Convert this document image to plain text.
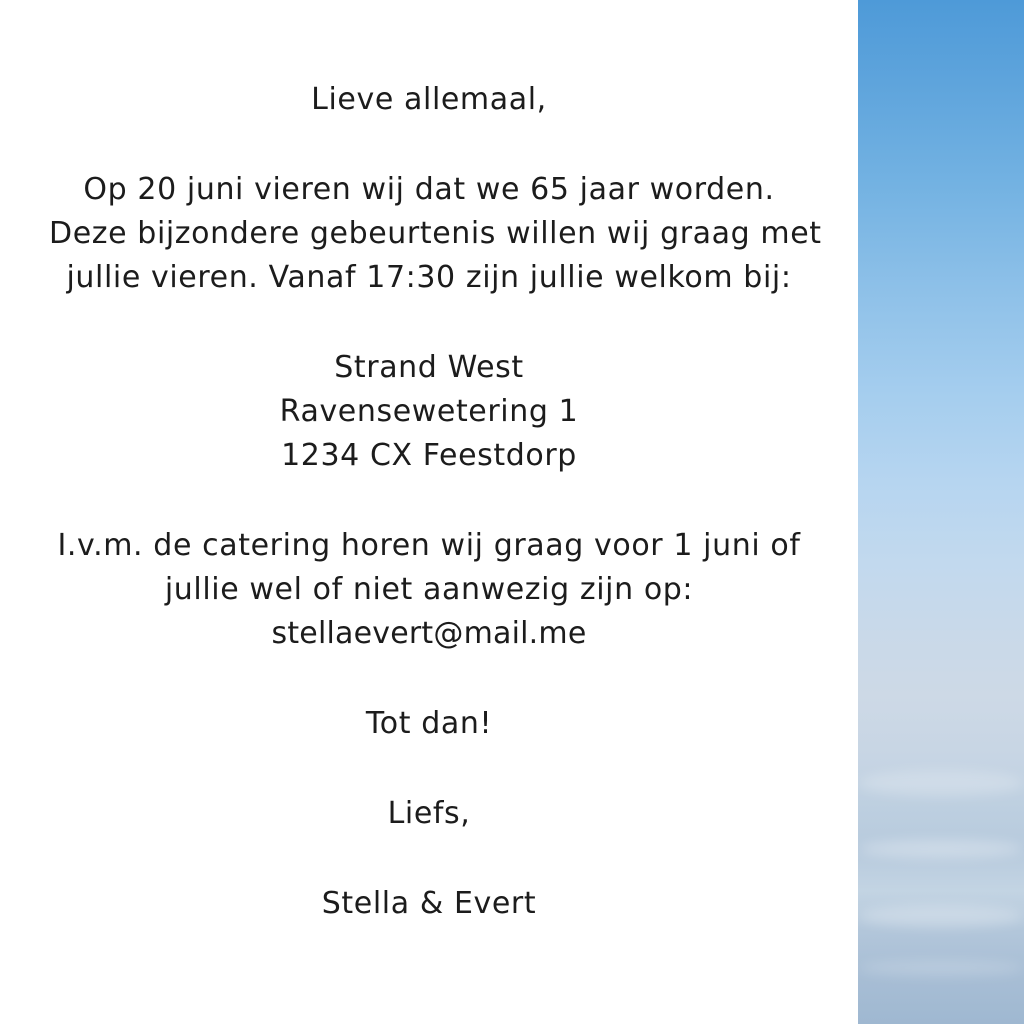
Lieve allemaal,
Op 20 juni vieren wij dat we 65 jaar worden.
Deze bijzondere gebeurtenis willen wij graag met
jullie vieren. Vanaf 17:30 zijn jullie welkom bij:
Strand West
Ravensewetering 1
1234 CX Feestdorp
I.v.m. de catering horen wij graag voor 1 juni of
jullie wel of niet aanwezig zijn op:
stellaevert@mail.me
Tot dan!
Liefs,
Stella & Evert
